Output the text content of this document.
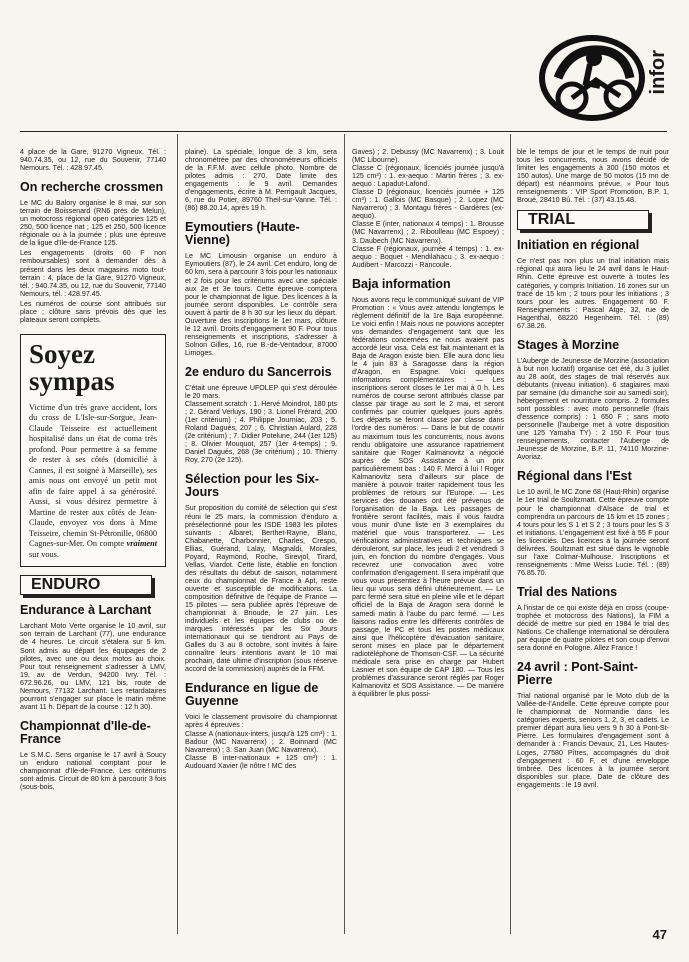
infor

4 place de la Gare, 91270 Vigneux. Tél. : 940.74.35, ou 12, rue du Souvenir, 77140 Nemours. Tél. : 428.97.45.

On recherche crossmen

Le MC du Balory organise le 8 mai, sur son terrain de Boissenard (RN6 près de Melun), un motocross régional open catégories 125 et 250, 500 licence nat ; 125 et 250, 500 licence régionale ou à la journée ; plus une épreuve de la ligue d'Ile-de-France 125.

Les engagements (droits 60 F non remboursables) sont à demander dès à présent dans les deux magasins moto tout-terrain : 4, place de la Gare, 91270 Vigneux, tél. : 940.74.35, ou 12, rue du Souvenir, 77140 Nemours, tél. : 428.97.45.

Les numéros de course sont attribués sur place ; clôture sans prévois dès que les plateaux seront complets.

Soyez sympas

Victime d'un très grave accident, lors du cross de L'Isle-sur-Sorgue, Jean-Claude Teisseire est actuellement hospitalisé dans un état de coma très profond. Pour permettre à sa femme de rester à ses côtés (domicilié à Cannes, il est soigné à Marseille), ses amis nous ont envoyé un petit mot afin de faire appel à sa générosité. Aussi, si vous désirez permettre à Martine de rester aux côtés de Jean-Claude, envoyez vos dons à Mme Teisseire, chemin St-Pétronille, 06800 Cagnes-sur-Mer. On compte vraiment sur vous.

ENDURO
Endurance à Larchant

Larchant Moto Verte organise le 10 avril, sur son terrain de Larchant (77), une endurance de 4 heures. Le circuit s'étalera sur 5 km. Sont admis au départ les équipages de 2 pilotes, avec une ou deux motos au choix. Pour tout renseignement s'adresser à LMV, 19, av. de Verdun, 94200 Ivry. Tél. : 672.96.26, ou LMV, 121 bis, route de Nemours, 77132 Larchant. Les retardataires pourront s'engager sur place le matin même avant 11 h. Départ de la course : 12 h 30).

Championnat d'Ile-de-France

Le S.M.C. Sens organise le 17 avril à Soucy un enduro national comptant pour le championnat d'Ile-de-France. Les critériums sont admis. Circuit de 80 km à parcourir 3 fois (sous-bois,

plaine). La spéciale, longue de 3 km, sera chronométrée par des chronométreurs officiels de la F.F.M. avec cellule photo. Nombre de pilotes admis : 270. Date limite des engagements : le 9 avril. Demandes d'engagements, écrire à M. Perrigault Jacques, 6, rue du Potier, 89760 Theil-sur-Vanne. Tél. : (86) 88.20.14, après 19 h.

Eymoutiers (Haute-Vienne)

Le MC Limousin organise un enduro à Eymoutiers (87), le 24 avril. Cet enduro, long de 60 km, sera à parcourir 3 fois pour les nationaux et 2 fois pour les critériums avec une spéciale aux 2e et 3e tours. Cette épreuve comptera pour le championnat de ligue. Des licences à la journée seront disponibles. Le contrôle sera ouvert à partir de 8 h 30 sur les lieux du départ. Ouverture des inscriptions le 1er mars, clôture le 12 avril. Droits d'engagement 90 F. Pour tous renseignements et inscriptions, s'adresser à Solnon Gilles, 16, rue B.-de-Ventadour, 87000 Limoges.

2e enduro du Sancerrois

C'était une épreuve UFOLEP qui s'est déroulée le 20 mars.
Classement scratch : 1. Hervé Moindrot, 180 pts ; 2. Gérard Verluys, 190 ; 3. Lionel Frérard, 200 (1er critérium) ; 4. Philippe Journiac, 203 ; 5. Roland Dagués, 207 ; 6. Christian Aulard, 228 (2e critérium) ; 7. Didier Potelune, 244 (1er 125) ; 8. Olivier Mouquot, 257 (1er 4-temps) ; 9. Daniel Dagués, 268 (3e critérium) ; 10. Thierry Roy, 270 (2e 125).

Sélection pour les Six-Jours

Sur proposition du comité de sélection qui s'est réuni le 25 mars, la commission d'enduro a présélectionné pour les ISDE 1983 les pilotes suivants : Albaret, Berthet-Rayne, Blanc, Chabanette, Charbonnier, Charles, Crespo, Ellias, Guérand, Lalay, Magnaldi, Morales, Poyard, Raymond, Roche, Sirevjol, Tirard, Vellas, Viardot. Cette liste, établie en fonction des résultats du début de saison, notamment ceux du championnat de France à Apt, reste ouverte et susceptible de modifications. La composition définitive de l'équipe de France — 15 pilotes — sera publiée après l'épreuve de championnat à Brioude, le 27 juin. Les individuels et les équipes de clubs ou de marques intéressés par les Six Jours internationaux qui se tiendront au Pays de Galles du 3 au 8 octobre, sont invités à faire connaître leurs intentions avant le 10 mai prochain, date ultime d'inscription (sous réserve accord de la commission) auprès de la FFM.

Endurance en ligue de Guyenne

Voici le classement provisoire du championnat après 4 épreuves :
Classe A (nationaux-inters, jusqu'à 125 cm³) : 1. Badour (MC Navarrenx) ; 2. Boinnard (MC Navarrenx) ; 3. San Juan (MC Navarrenx).
Classe B inter-nationaux + 125 cm³) : 1. Audouard Xavier (le nôtre ! MC des

Gaves) ; 2. Debussy (MC Navarrenx) ; 3. Louit (MC Libourne).
Classe C (régionaux, licenciés journée jusqu'à 125 cm³) : 1. ex-aequo : Martin frères ; 3. ex-aequo : Lapadut-Lafond.
Classe D (régionaux, licenciés journée + 125 cm³) : 1. Gallois (MC Basque) ; 2. Lopez (MC Navarrenx) ; 3. Montagu frères - Gardères (ex-aequo).
Classe E (inter, nationaux 4 temps) : 1. Brousse (MC Navarrenx) ; 2. Riboulleau (MC Espoey) ; 3. Daubech (MC Navarrenx).
Classe F (régionaux, journée 4 temps) : 1. ex-aequo : Boquet - Mendilahacu ; 3. ex-aequo : Audibert - Marcozzi - Rancoule.

Baja information

Nous avons reçu le communiqué suivant de VIP Promotion : « Vous avez attendu longtemps le règlement définitif de la 1re Baja européenne. Le voici enfin ! Mais nous ne pouvions accepter vos demandes d'engagement tant que les fédérations concernées ne nous avaient pas accordé leur visa. Cela est fait maintenant et la Baja de Aragon existe bien. Elle aura donc lieu le 4 juin 83 à Saragosse dans la région d'Aragon, en Espagne. Voici quelques informations complémentaires : — Les inscriptions seront closes le 1er mai à 0 h. Les numéros de course seront attribués classe par classe par tirage au sort le 2 mai, et seront confirmés par courrier quelques jours après. Les départs se feront classe par classe dans l'ordre des numéros. — Dans le but de couvrir au maximum tous les concurrents, nous avons rendu obligatoire une assurance rapatriement sanitaire que Roger Kalmanovitz a négocié auprès de SOS Assistance à un prix particulièrement bas : 140 F. Merci à lui ! Roger Kalmanovitz sera d'ailleurs sur place de manière à pouvoir traiter rapidement tous les problèmes de retours sur l'Europe. — Les services des douanes ont été prévenus de l'organisation de la Baja. Les passages de frontière seront facilités, mais il vous faudra vous munir d'une liste en 3 exemplaires du matériel que vous transporterez. — Les vérifications administratives et techniques se dérouleront, sur place, les jeudi 2 et vendredi 3 juin, en fonction du nombre d'engagés. Vous recevrez une convocation avec votre confirmation d'engagement. Il sera impératif que vous vous présentiez à l'heure prévue dans un lieu qui vous sera défini ultérieurement. — Le parc fermé sera situé en pleine ville et le départ officiel de la Baja de Aragon sera donné le samedi matin à l'aube du parc fermé. — Les liaisons radios entre les différents contrôles de passage, le PC et tous les postes médicaux ainsi que l'hélicoptère d'évacuation sanitaire, seront mises en place par le département radiotéléphone de Thomson-CSF. — La sécurité médicale sera prise en charge par Hubert Lasnier et son équipe de CAP 180. — Tous les problèmes d'assurance seront réglés par Roger Kalmanovitz et SOS Assistance. — De manière à équilibrer le plus possi-

ble le temps de jour et le temps de nuit pour tous les concurrents, nous avons décidé de limiter les engagements à 300 (150 motos et 150 autos). Une marge de 50 motos (15 mn de départ) est néanmoins prévue. » Pour tous renseignements : VIP Sport Promotion, B.P. 1, Broué, 28410 Bû. Tél. : (37) 43.15.48.

TRIAL
Initiation en régional

Ce n'est pas non plus un trial initiation mais régional qui aura lieu le 24 avril dans le Haut-Rhin. Cette épreuve est ouverte à toutes les catégories, y compris Initiation. 16 zones sur un tracé de 15 km ; 2 tours pour les initiations ; 3 tours pour les autres. Engagement 60 F. Renseignements : Pascal Atge, 32, rue de Hagenthal, 68220 Hegenheim. Tél. : (89) 67.38.26.

Stages à Morzine

L'Auberge de Jeunesse de Morzine (association à but non lucratif) organise cet été, du 3 juillet au 28 août, des stages de trial réservés aux débutants (niveau initiation). 6 stagiaires maxi par semaine (du dimanche soir au samedi soir), hébergement et nourriture compris. 2 formules sont possibles : avec moto personnelle (frais d'essence compris) : 1 650 F ; sans moto personnelle (l'auberge met à votre disposition une 125 Yamaha TY) : 2 150 F. Pour tous renseignements, contacter l'Auberge de Jeunesse de Morzine, B.P. 11, 74110 Morzine-Avoriaz.

Régional dans l'Est

Le 10 avril, le MC Zone 68 (Haut-Rhin) organise le 1er trial de Soultzmatt. Cette épreuve compte pour le championnat d'Alsace de trial et comprendra un parcours de 15 km et 15 zones ; 4 tours pour les S 1 et S 2 ; 3 tours pour les S 3 et initiations. L'engagement est fixé à 55 F pour les licenciés. Des licences à la journée seront délivrées. Soultzmatt est situé dans le vignoble sur l'axe Colmar-Mulhouse. Inscriptions et renseignements : Mme Weiss Lucie. Tél. : (89) 76.85.70.

Trial des Nations

A l'instar de ce qui existe déjà en cross (coupe-trophée et motocross des Nations), la FIM a décidé de mettre sur pied en 1984 le trial des Nations. Ce challenge international se déroulera par équipe de quatre pilotes et son coup d'envoi sera donné en Pologne. Allez France !

24 avril : Pont-Saint-Pierre

Trial national organisé par le Moto club de la Vallée-de-l'Andelle. Cette épreuve compte pour le championnat de Normandie dans les catégories experts, seniors 1, 2, 3, et cadets. Le premier départ aura lieu vers 9 h 30 à Pont-St-Pierre. Les formulaires d'engagement sont à demander à : Francis Devaux, 21, Les Hautes-Loges, 27580 Pîtres, accompagnés du droit d'engagement : 60 F, et d'une enveloppe timbrée. Des licences à la journée seront disponibles sur place. Date de clôture des engagements : le 19 avril.

47
